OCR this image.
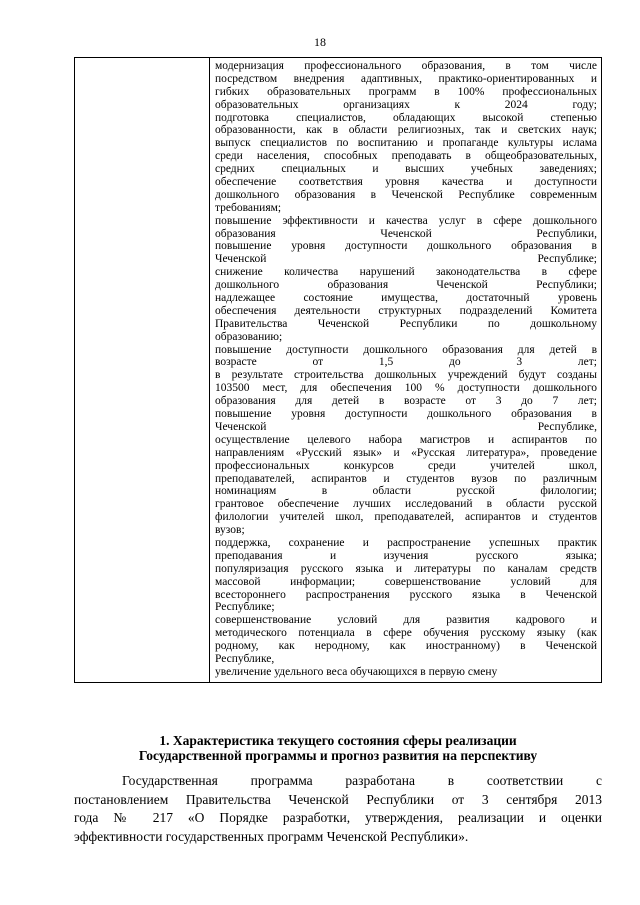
18
модернизация профессионального образования, в том числе
посредством внедрения адаптивных, практико-ориентированных и
гибких образовательных программ в 100% профессиональных
образовательных организациях к 2024 году;
подготовка специалистов, обладающих высокой степенью
образованности, как в области религиозных, так и светских наук;
выпуск специалистов по воспитанию и пропаганде культуры ислама
среди населения, способных преподавать в общеобразовательных,
средних специальных и высших учебных заведениях;
обеспечение соответствия уровня качества и доступности
дошкольного образования в Чеченской Республике современным
требованиям;
повышение эффективности и качества услуг в сфере дошкольного
образования Чеченской Республики,
повышение уровня доступности дошкольного образования в
Чеченской Республике;
снижение количества нарушений законодательства в сфере
дошкольного образования Чеченской Республики;
надлежащее состояние имущества, достаточный уровень
обеспечения деятельности структурных подразделений Комитета
Правительства Чеченской Республики по дошкольному
образованию;
повышение доступности дошкольного образования для детей в
возрасте от 1,5 до 3 лет;
в результате строительства дошкольных учреждений будут созданы
103500 мест, для обеспечения 100 % доступности дошкольного
образования для детей в возрасте от 3 до 7 лет;
повышение уровня доступности дошкольного образования в
Чеченской Республике,
осуществление целевого набора магистров и аспирантов по
направлениям «Русский язык» и «Русская литература», проведение
профессиональных конкурсов среди учителей школ,
преподавателей, аспирантов и студентов вузов по различным
номинациям в области русской филологии;
грантовое обеспечение лучших исследований в области русской
филологии учителей школ, преподавателей, аспирантов и студентов
вузов;
поддержка, сохранение и распространение успешных практик
преподавания и изучения русского языка;
популяризация русского языка и литературы по каналам средств
массовой информации; совершенствование условий для
всестороннего распространения русского языка в Чеченской
Республике;
совершенствование условий для развития кадрового и
методического потенциала в сфере обучения русскому языку (как
родному, как неродному, как иностранному) в Чеченской
Республике,
увеличение удельного веса обучающихся в первую смену
1. Характеристика текущего состояния сферы реализации
Государственной программы и прогноз развития на перспективу
Государственная программа разработана в соответствии с
постановлением Правительства Чеченской Республики от 3 сентября 2013
года № 217 «О Порядке разработки, утверждения, реализации и оценки
эффективности государственных программ Чеченской Республики».
